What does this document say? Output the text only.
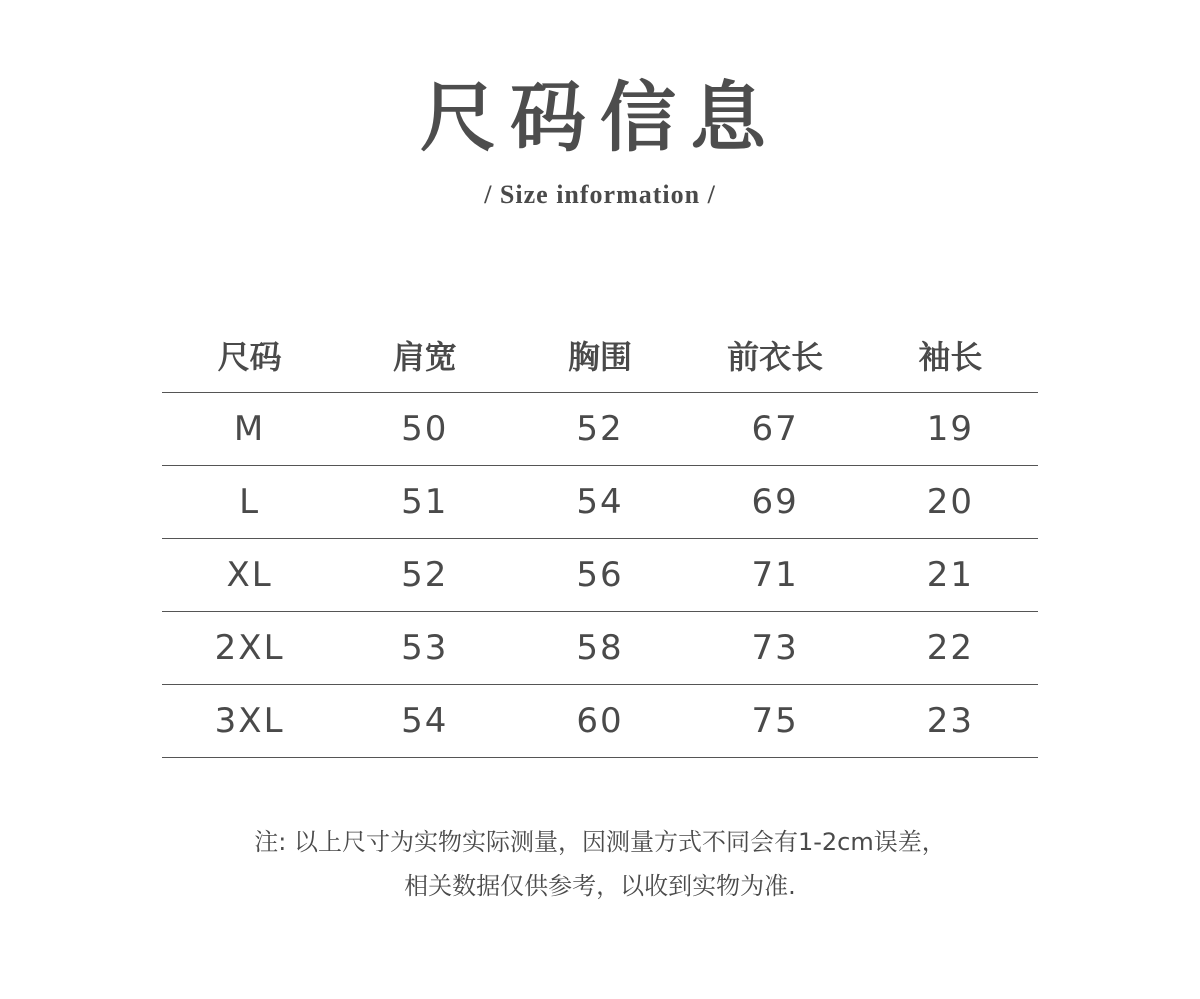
尺码信息
/ Size information /
尺码	肩宽	胸围	前衣长	袖长
M	50	52	67	19
L	51	54	69	20
XL	52	56	71	21
2XL	53	58	73	22
3XL	54	60	75	23
注: 以上尺寸为实物实际测量，因测量方式不同会有1-2cm误差，
相关数据仅供参考，以收到实物为准.
